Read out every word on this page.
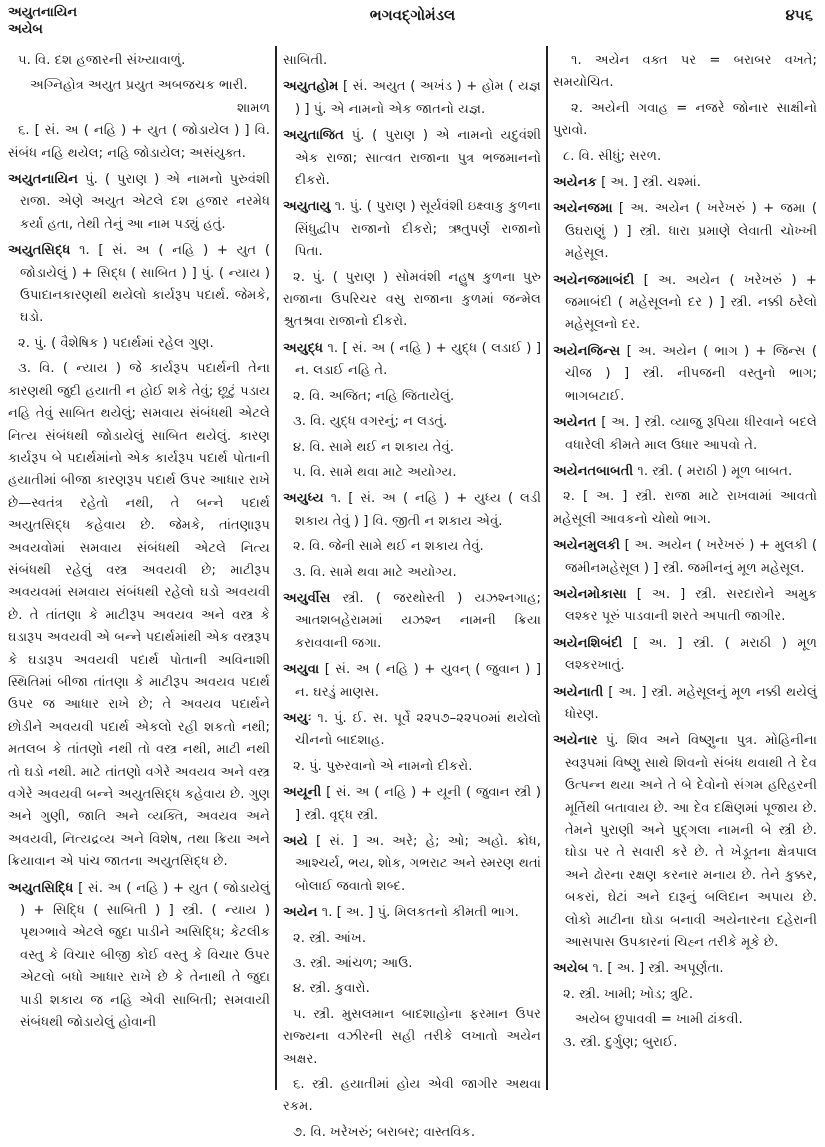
અયુતનાયિન
અયેબ
ભગવદ્ગોમંડલ	૪૫૬

૫. વિ. દશ હજારની સંખ્યાવાળું.

અગ્નિહોત્ર અયુત પ્રયુત અબજચક ભારી.

શામળ

૬. [ સં. અ ( નહિ ) + યુત ( જોડાયેલ ) ] વિ. સંબંધ નહિ થયેલ; નહિ જોડાયેલ; અસંયુક્ત.

અયુતનાયિન પું. ( પુરાણ ) એ નામનો પુરુવંશી રાજા. એણે અયુત એટલે દશ હજાર નરમેધ કર્યા હતા, તેથી તેનું આ નામ પડ્યું હતું.

અયુતસિદ્ધ ૧. [ સં. અ ( નહિ ) + યુત ( જોડાયેલું ) + સિદ્ધ ( સાબિત ) ] પું. ( ન્યાય ) ઉપાદાનકારણથી થયેલો કાર્યરૂપ પદાર્થ. જેમકે, ઘડો.

૨. પું. ( વૈશેષિક ) પદાર્થમાં રહેલ ગુણ.

૩. વિ. ( ન્યાય ) જે કાર્યરૂપ પદાર્થની તેના કારણથી જુદી હયાતી ન હોઈ શકે તેવું; છૂટું પડાય નહિ તેવું સાબિત થયેલું; સમવાય સંબંધથી એટલે નિત્ય સંબંધથી જોડાયેલું સાબિત થયેલું. કારણ કાર્યરૂપ બે પદાર્થમાંનો એક કાર્યરૂપ પદાર્થ પોતાની હયાતીમાં બીજા કારણરૂપ પદાર્થ ઉપર આધાર રાખે છે—સ્વતંત્ર રહેતો નથી, તે બન્ને પદાર્થ અયુતસિદ્ધ કહેવાય છે. જેમકે, તાંતણારૂપ અવયવોમાં સમવાય સંબંધથી એટલે નિત્ય સંબંધથી રહેલું વસ્ત્ર અવયવી છે; માટીરૂપ અવયવમાં સમવાય સંબંધથી રહેલો ઘડો અવયવી છે. તે તાંતણા કે માટીરૂપ અવયવ અને વસ્ત્ર કે ઘડારૂપ અવયવી એ બન્ને પદાર્થમાંથી એક વસ્ત્રરૂપ કે ઘડારૂપ અવયવી પદાર્થ પોતાની અવિનાશી સ્થિતિમાં બીજા તાંતણા કે માટીરૂપ અવયવ પદાર્થ ઉપર જ આધાર રાખે છે; તે અવયવ પદાર્થને છોડીને અવયવી પદાર્થ એકલો રહી શકતો નથી; મતલબ કે તાંતણો નથી તો વસ્ત્ર નથી, માટી નથી તો ઘડો નથી. માટે તાંતણો વગેરે અવયવ અને વસ્ત્ર વગેરે અવયવી બન્ને અયુતસિદ્ધ કહેવાય છે. ગુણ અને ગુણી, જાતિ અને વ્યક્તિ, અવયવ અને અવયવી, નિત્યદ્રવ્ય અને વિશેષ, તથા ક્રિયા અને ક્રિયાવાન એ પાંચ જાતના અયુતસિદ્ધ છે.

અયુતસિદ્ધિ [ સં. અ ( નહિ ) + યુત ( જોડાયેલું ) + સિદ્ધિ ( સાબિતી ) ] સ્ત્રી. ( ન્યાય ) પૃથગ્ભાવે એટલે જુદા પાડીને અસિદ્ધિ; કેટલીક વસ્તુ કે વિચાર બીજી કોઈ વસ્તુ કે વિચાર ઉપર એટલો બધો આધાર રાખે છે કે તેનાથી તે જુદા પાડી શકાય જ નહિ એવી સાબિતી; સમવાયી સંબંધથી જોડાયેલું હોવાની

સાબિતી.

અયુતહોમ [ સં. અયુત ( અખંડ ) + હોમ ( યજ્ઞ ) ] પું. એ નામનો એક જાતનો યજ્ઞ.

અયુતાજિત પું. ( પુરાણ ) એ નામનો યદુવંશી એક રાજા; સાત્વત રાજાના પુત્ર ભજમાનનો દીકરો.

અયુતાયુ ૧. પું. ( પુરાણ ) સૂર્યવંશી ઇક્ષ્વાકુ કુળના સિંધુદ્વીપ રાજાનો દીકરો; ઋતુપર્ણ રાજાનો પિતા.

૨. પું. ( પુરાણ ) સોમવંશી નહુષ કુળના પુરુ રાજાના ઉપરિચર વસુ રાજાના કુળમાં જન્મેલ શ્રુતશ્રવા રાજાનો દીકરો.

અયુદ્ધ ૧. [ સં. અ ( નહિ ) + યુદ્ધ ( લડાઈ ) ] ન. લડાઈ નહિ તે.

૨. વિ. અજિત; નહિ જિતાયેલું.

૩. વિ. યુદ્ધ વગરનું; ન લડતું.

૪. વિ. સામે થઈ ન શકાય તેવું.

૫. વિ. સામે થવા માટે અયોગ્ય.

અયુધ્ય ૧. [ સં. અ ( નહિ ) + યુધ્ય ( લડી શકાય તેવું ) ] વિ. જીતી ન શકાય એવું.

૨. વિ. જેની સામે થઈ ન શકાય તેવું.

૩. વિ. સામે થવા માટે અયોગ્ય.

અયુર્વીસ સ્ત્રી. ( જરથોસ્તી ) યઝશ્નગાહ; આતશબહેરામમાં યઝશ્ન નામની ક્રિયા કરાવવાની જગા.

અયુવા [ સં. અ ( નહિ ) + યુવન્ ( જુવાન ) ] ન. ઘરડું માણસ.

અયુઃ ૧. પું. ઈ. સ. પૂર્વે ૨૨૫૭–૨૨૫૦માં થયેલો ચીનનો બાદશાહ.

૨. પું. પુરુરવાનો એ નામનો દીકરો.

અયૂની [ સં. અ ( નહિ ) + યૂની ( જુવાન સ્ત્રી ) ] સ્ત્રી. વૃદ્ધ સ્ત્રી.

અયે [ સં. ] અ. અરે; હે; ઓ; અહો. ક્રોધ, આશ્ચર્ય, ભય, શોક, ગભરાટ અને સ્મરણ થતાં બોલાઈ જવાતો શબ્દ.

અયેન ૧. [ અ. ] પું. મિલકતનો કીમતી ભાગ.

૨. સ્ત્રી. આંખ.

૩. સ્ત્રી. આંચળ; આઉ.

૪. સ્ત્રી. કુવારો.

૫. સ્ત્રી. મુસલમાન બાદશાહોના ફરમાન ઉપર રાજ્યના વઝીરની સહી તરીકે લખાતો અયેન અક્ષર.

૬. સ્ત્રી. હયાતીમાં હોય એવી જાગીર અથવા રકમ.

૭. વિ. ખરેખરું; બરાબર; વાસ્તવિક.

૧. અયેન વક્ત પર = બરાબર વખતે; સમયોચિત.

૨. અયેની ગવાહ = નજરે જોનાર સાક્ષીનો પુરાવો.

૮. વિ. સીધું; સરળ.

અયેનક [ અ. ] સ્ત્રી. ચશ્માં.

અયેનજમા [ અ. અયેન ( ખરેખરું ) + જમા ( ઉઘરાણું ) ] સ્ત્રી. ધારા પ્રમાણે લેવાતી ચોખ્ખી મહેસૂલ.

અયેનજમાબંદી [ અ. અયેન ( ખરેખરું ) + જમાબંદી ( મહેસૂલનો દર ) ] સ્ત્રી. નક્કી ઠરેલો મહેસૂલનો દર.

અયેનજિન્સ [ અ. અયેન ( ભાગ ) + જિન્સ ( ચીજ ) ] સ્ત્રી. નીપજની વસ્તુનો ભાગ; ભાગબટાઈ.

અયેનત [ અ. ] સ્ત્રી. વ્યાજુ રૂપિયા ધીરવાને બદલે વધારેલી કીમતે માલ ઉધાર આપવો તે.

અયેનતબાબતી ૧. સ્ત્રી. ( મરાઠી ) મૂળ બાબત.

૨. [ અ. ] સ્ત્રી. રાજા માટે રાખવામાં આવતો મહેસૂલી આવકનો ચોથો ભાગ.

અયેનમુલકી [ અ. અયેન ( ખરેખરું ) + મુલકી ( જમીનમહેસૂલ ) ] સ્ત્રી. જમીનનું મૂળ મહેસૂલ.

અયેનમોકાસા [ અ. ] સ્ત્રી. સરદારોને અમુક લશ્કર પૂરું પાડવાની શરતે અપાતી જાગીર.

અયેનશિબંદી [ અ. ] સ્ત્રી. ( મરાઠી ) મૂળ લશ્કરખાતું.

અયેનાતી [ અ. ] સ્ત્રી. મહેસૂલનું મૂળ નક્કી થયેલું ધોરણ.

અયેનાર પું. શિવ અને વિષ્ણુના પુત્ર. મોહિનીના સ્વરૂપમાં વિષ્ણુ સાથે શિવનો સંબંધ થવાથી તે દેવ ઉત્પન્ન થયા અને તે બે દેવોનો સંગમ હરિહરની મૂર્તિથી બતાવાય છે. આ દેવ દક્ષિણમાં પૂજાય છે. તેમને પુરાણી અને પુદ્ગલા નામની બે સ્ત્રી છે. ઘોડા પર તે સવારી કરે છે. તે ખેડૂતના ક્ષેત્રપાલ અને ઢોરના રક્ષણ કરનાર મનાય છે. તેને કુક્કર, બકરાં, ઘેટાં અને દારૂનું બલિદાન અપાય છે. લોકો માટીના ઘોડા બનાવી અયેનારના દહેરાની આસપાસ ઉપકારનાં ચિહ્ન તરીકે મૂકે છે.

અયેબ ૧. [ અ. ] સ્ત્રી. અપૂર્ણતા.

૨. સ્ત્રી. ખામી; ખોડ; ત્રુટિ.

અયેબ છુપાવવી = ખામી ઢાંકવી.

૩. સ્ત્રી. દુર્ગુણ; બુરાઈ.
